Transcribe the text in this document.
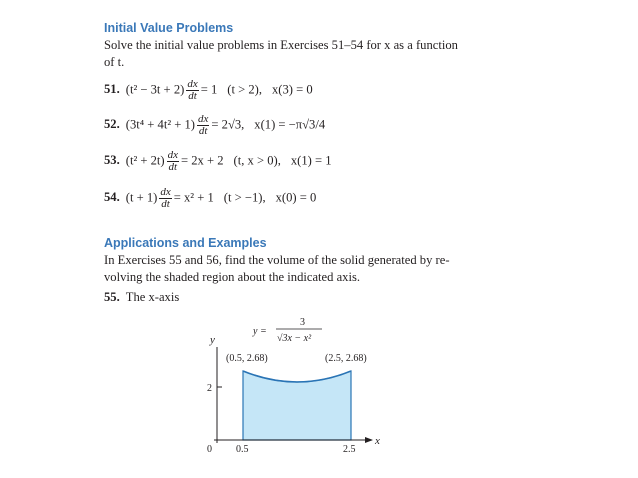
Initial Value Problems
Solve the initial value problems in Exercises 51–54 for x as a function
of t.
51. $(t^2 - 3t + 2) \frac{dx}{dt} = 1$ (t > 2), x(3) = 0
52. $(3t^4 + 4t^2 + 1) \frac{dx}{dt} = 2√3$, x(1) = −π√3/4
53. $(t^2 + 2t) \frac{dx}{dt} = 2x + 2$ (t, x > 0), x(1) = 1
54. $(t + 1) \frac{dx}{dt} = x^2 + 1$ (t > −1), x(0) = 0
Applications and Examples
In Exercises 55 and 56, find the volume of the solid generated by re-
volving the shaded region about the indicated axis.
55. The x-axis
y
x
2
0 0.5	2.5
(0.5, 2.68)	(2.5, 2.68)
y =
3
√3x − x²
